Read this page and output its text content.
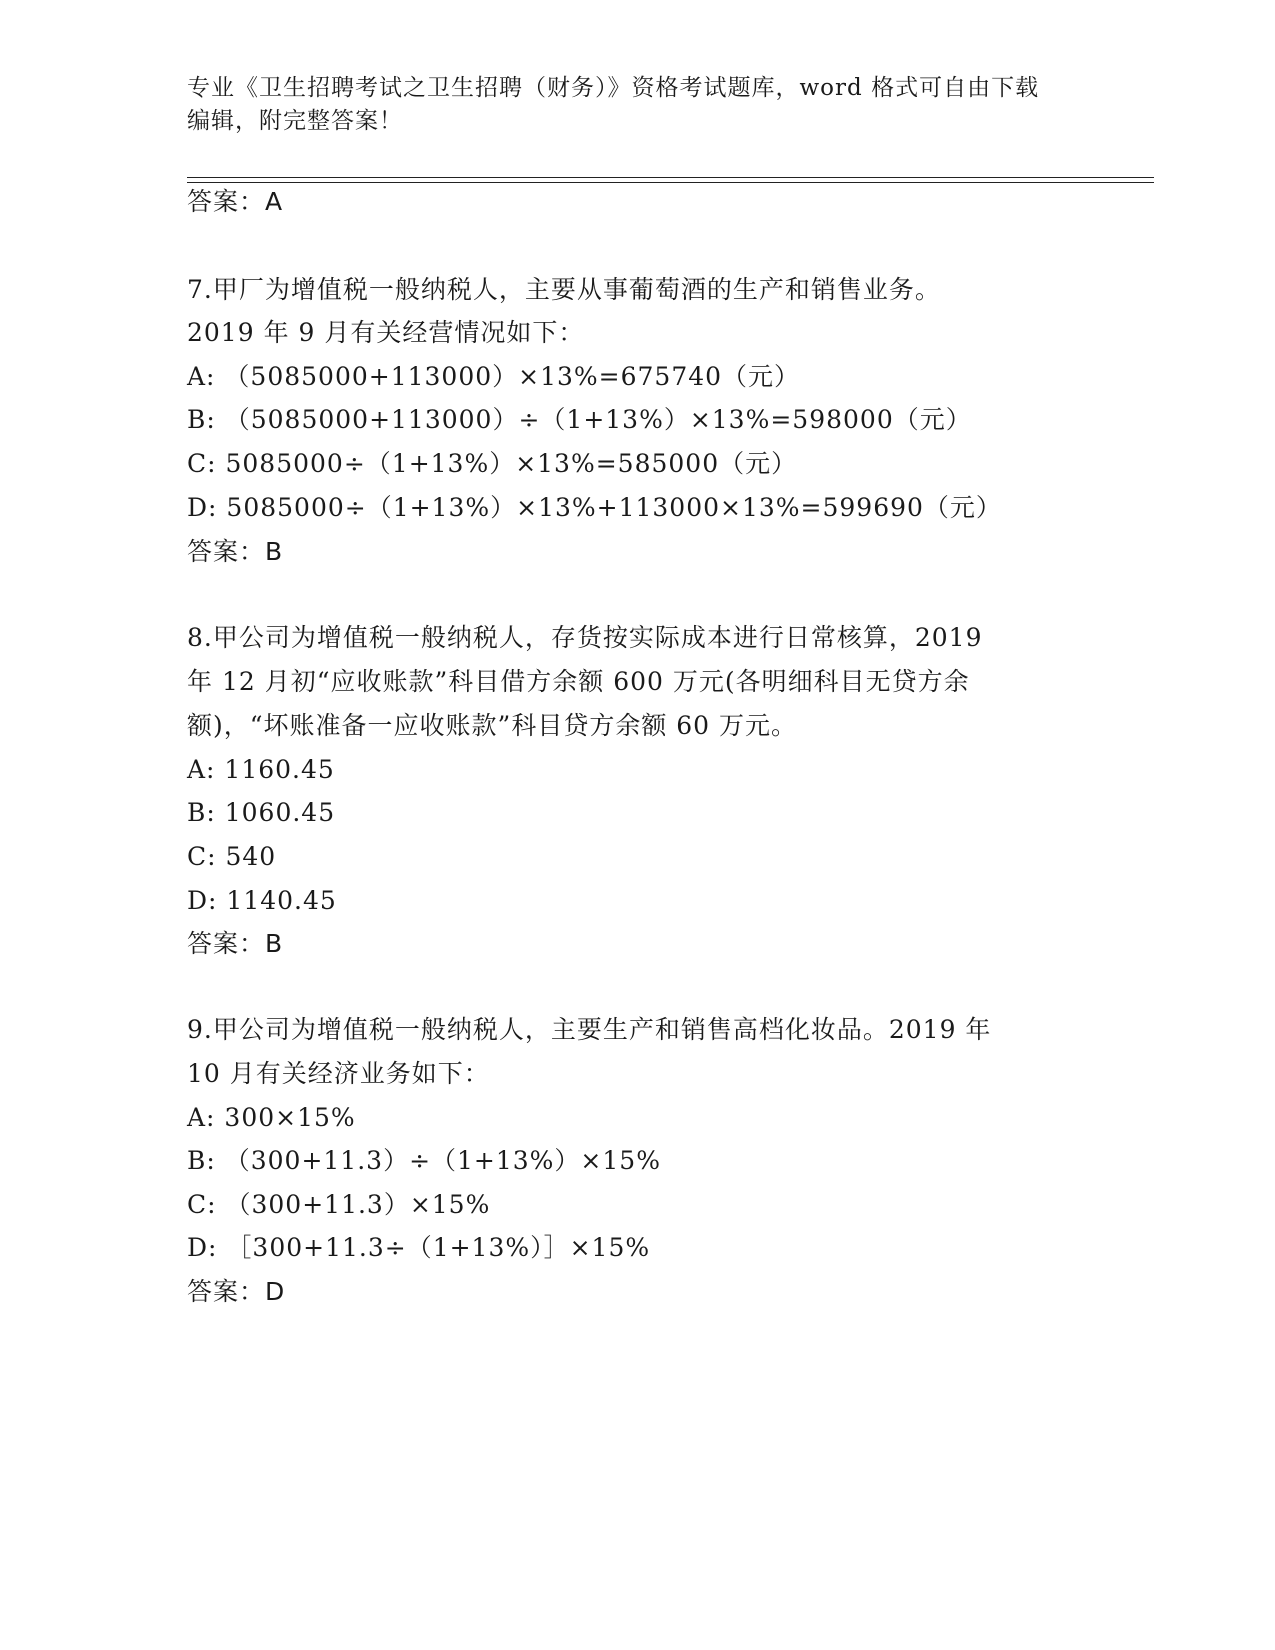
专业《卫生招聘考试之卫生招聘（财务）》资格考试题库，word 格式可自由下载
编辑，附完整答案！
答案：A
7.甲厂为增值税一般纳税人，主要从事葡萄酒的生产和销售业务。
2019 年 9 月有关经营情况如下：
A: （5085000+113000）×13%=675740（元）
B: （5085000+113000）÷（1+13%）×13%=598000（元）
C: 5085000÷（1+13%）×13%=585000（元）
D: 5085000÷（1+13%）×13%+113000×13%=599690（元）
答案：B
8.甲公司为增值税一般纳税人，存货按实际成本进行日常核算，2019
年 12 月初“应收账款”科目借方余额 600 万元(各明细科目无贷方余
额)，“坏账准备一应收账款”科目贷方余额 60 万元。
A: 1160.45
B: 1060.45
C: 540
D: 1140.45
答案：B
9.甲公司为增值税一般纳税人，主要生产和销售高档化妆品。2019 年
10 月有关经济业务如下：
A: 300×15%
B: （300+11.3）÷（1+13%）×15%
C: （300+11.3）×15%
D: ［300+11.3÷（1+13%）］×15%
答案：D
